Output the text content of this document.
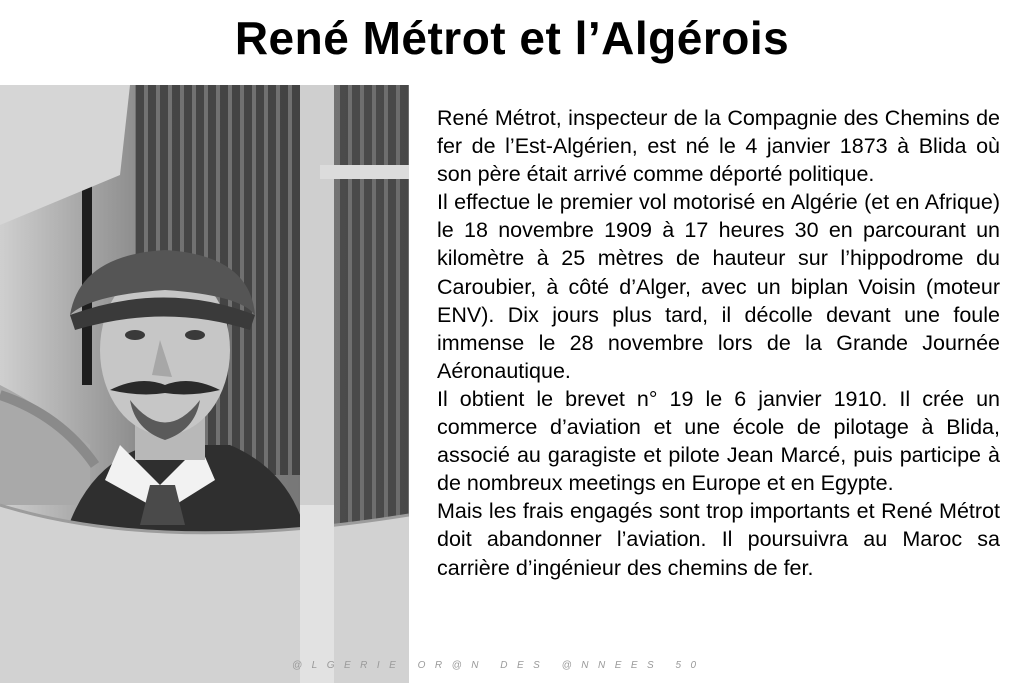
René Métrot et l’Algérois

René Métrot, inspecteur de la Compagnie des Chemins de fer de l’Est-Algérien, est né le 4 janvier 1873 à Blida où son père était arrivé comme déporté politique.

Il effectue le premier vol motorisé en Algérie (et en Afrique) le 18 novembre 1909 à 17 heures 30 en parcourant un kilomètre à 25 mètres de hauteur sur l’hippodrome du Caroubier, à côté d’Alger, avec un biplan Voisin (moteur ENV). Dix jours plus tard, il décolle devant une foule immense le 28 novembre lors de la Grande Journée Aéronautique.

Il obtient le brevet n° 19 le 6 janvier 1910. Il crée un commerce d’aviation et une école de pilotage à Blida, associé au garagiste et pilote Jean Marcé, puis participe à de nombreux meetings en Europe et en Egypte.

Mais les frais engagés sont trop importants et René Métrot doit abandonner l’aviation. Il poursuivra au Maroc sa carrière d’ingénieur des chemins de fer.

@LGERIE OR@N DES @NNEES 50
